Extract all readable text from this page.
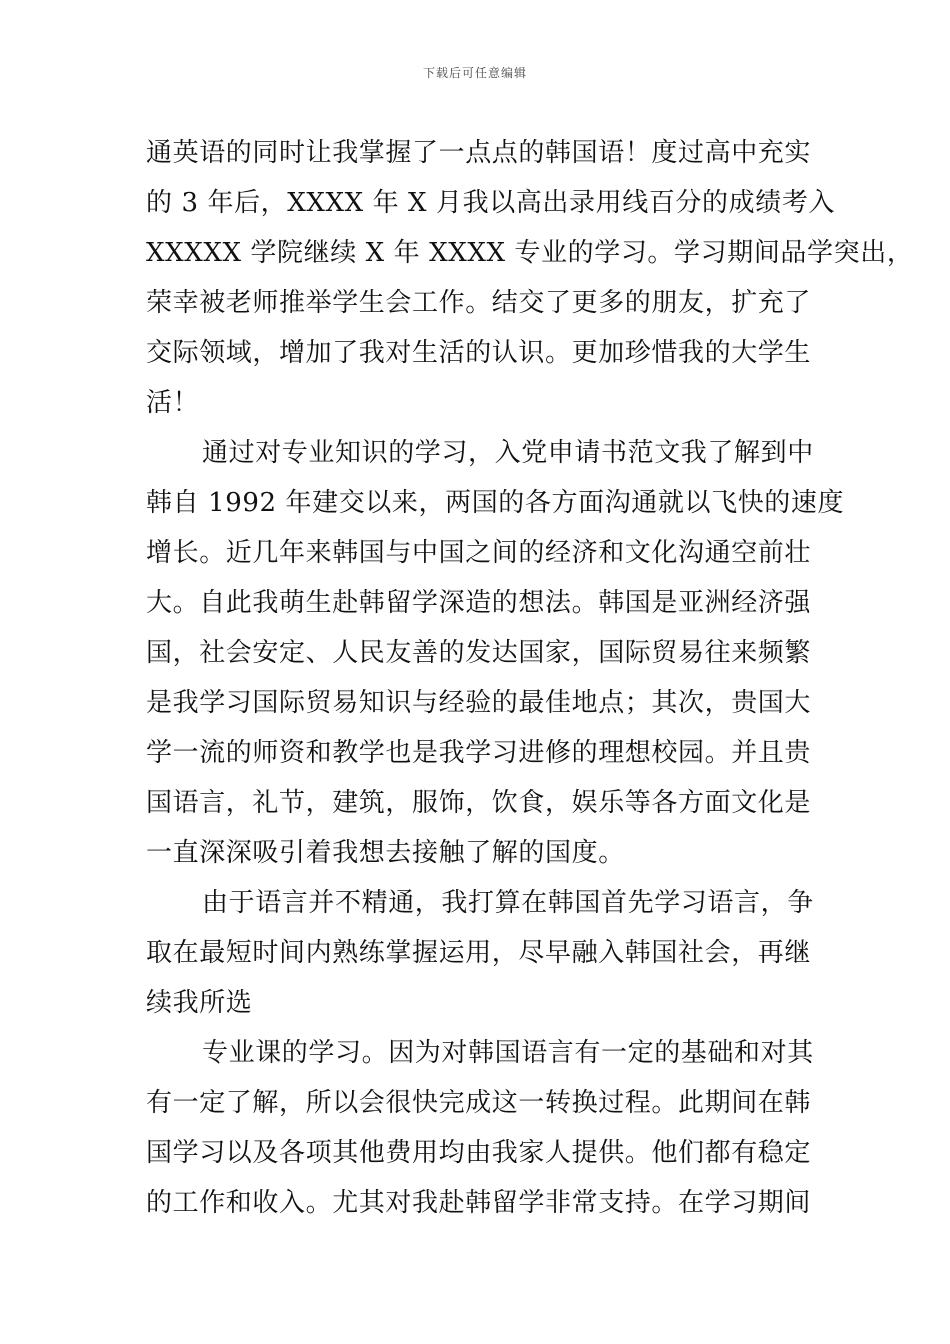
下载后可任意编辑
通英语的同时让我掌握了一点点的韩国语！度过高中充实
的 3 年后，XXXX 年 X 月我以高出录用线百分的成绩考入
XXXXX 学院继续 X 年 XXXX 专业的学习。学习期间品学突出，
荣幸被老师推举学生会工作。结交了更多的朋友，扩充了
交际领域，增加了我对生活的认识。更加珍惜我的大学生
活！
通过对专业知识的学习，入党申请书范文我了解到中
韩自 1992 年建交以来，两国的各方面沟通就以飞快的速度
增长。近几年来韩国与中国之间的经济和文化沟通空前壮
大。自此我萌生赴韩留学深造的想法。韩国是亚洲经济强
国，社会安定、人民友善的发达国家，国际贸易往来频繁
是我学习国际贸易知识与经验的最佳地点；其次，贵国大
学一流的师资和教学也是我学习进修的理想校园。并且贵
国语言，礼节，建筑，服饰，饮食，娱乐等各方面文化是
一直深深吸引着我想去接触了解的国度。
由于语言并不精通，我打算在韩国首先学习语言，争
取在最短时间内熟练掌握运用，尽早融入韩国社会，再继
续我所选
专业课的学习。因为对韩国语言有一定的基础和对其
有一定了解，所以会很快完成这一转换过程。此期间在韩
国学习以及各项其他费用均由我家人提供。他们都有稳定
的工作和收入。尤其对我赴韩留学非常支持。在学习期间
